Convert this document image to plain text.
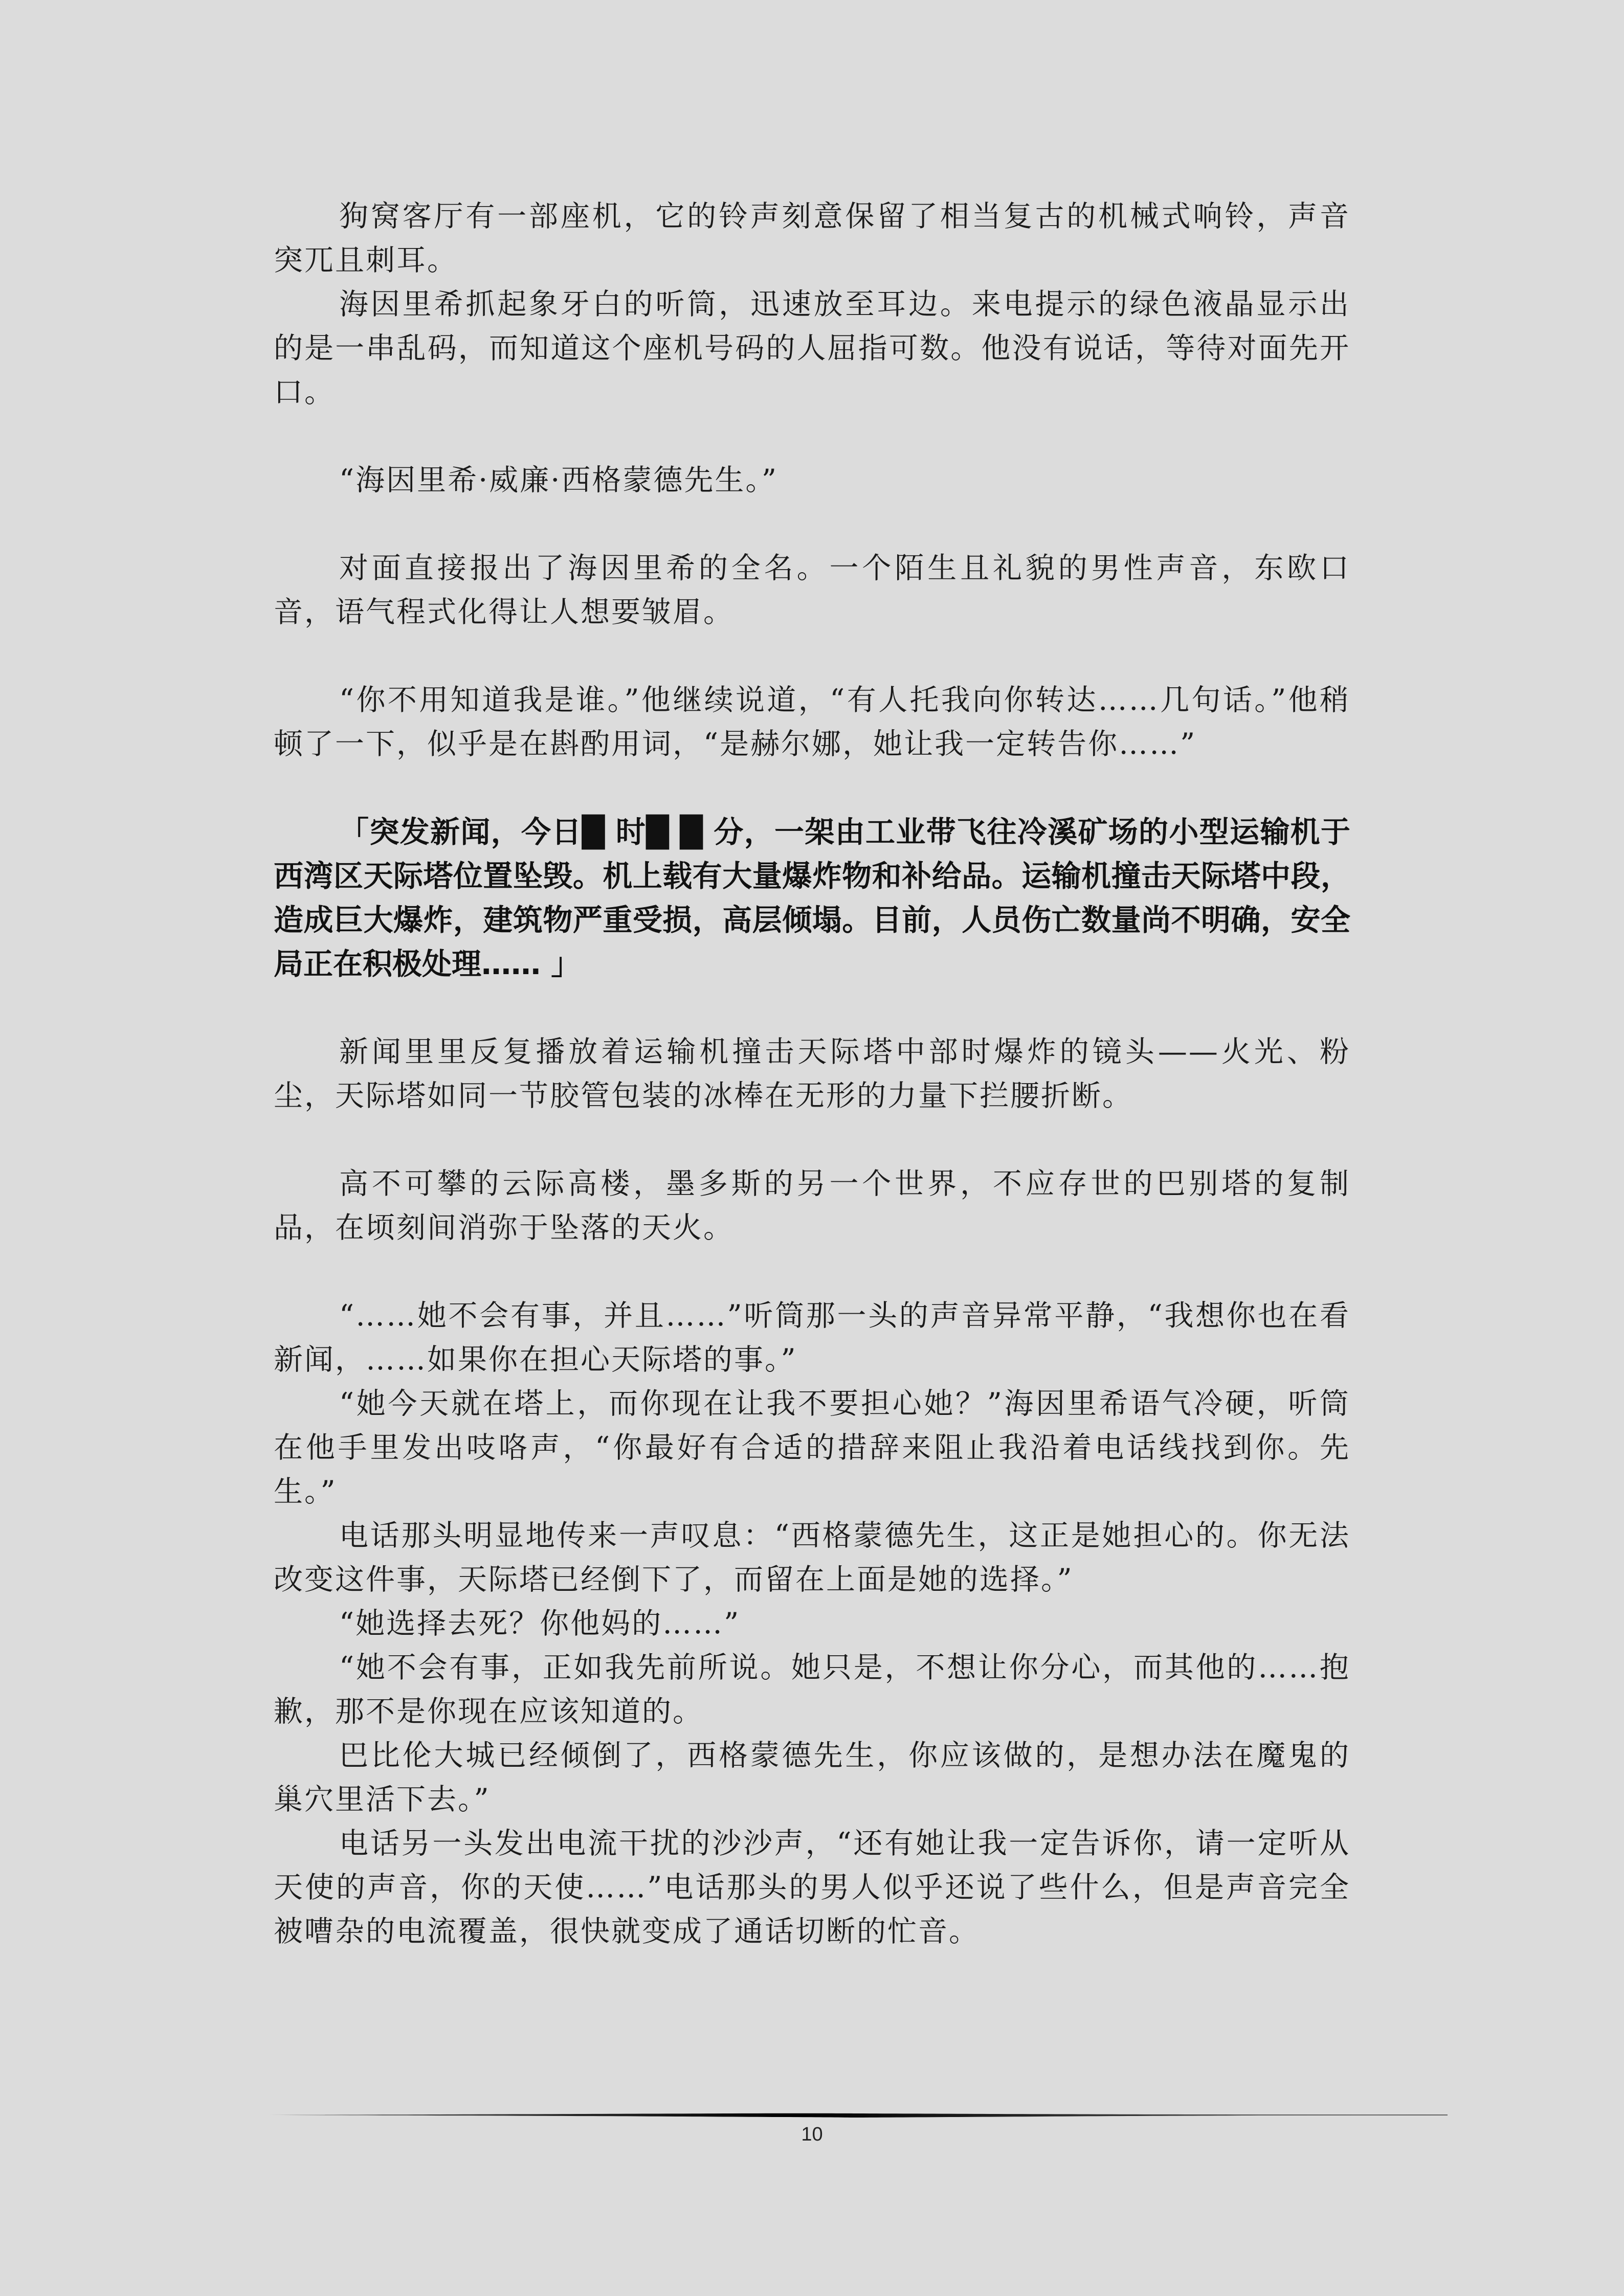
狗窝客厅有一部座机，它的铃声刻意保留了相当复古的机械式响铃，声音突兀且刺耳。

海因里希抓起象牙白的听筒，迅速放至耳边。来电提示的绿色液晶显示出的是一串乱码，而知道这个座机号码的人屈指可数。他没有说话，等待对面先开口。

“海因里希·威廉·西格蒙德先生。”

对面直接报出了海因里希的全名。一个陌生且礼貌的男性声音，东欧口音，语气程式化得让人想要皱眉。

“你不用知道我是谁。”他继续说道，“有人托我向你转达……几句话。”他稍顿了一下，似乎是在斟酌用词，“是赫尔娜，她让我一定转告你……”

「突发新闻，今日█ 时█ █ 分，一架由工业带飞往冷溪矿场的小型运输机于西湾区天际塔位置坠毁。机上载有大量爆炸物和补给品。运输机撞击天际塔中段，造成巨大爆炸，建筑物严重受损，高层倾塌。目前，人员伤亡数量尚不明确，安全局正在积极处理…… 」

新闻里里反复播放着运输机撞击天际塔中部时爆炸的镜头——火光、粉尘，天际塔如同一节胶管包装的冰棒在无形的力量下拦腰折断。

高不可攀的云际高楼，墨多斯的另一个世界，不应存世的巴别塔的复制品，在顷刻间消弥于坠落的天火。

“……她不会有事，并且……”听筒那一头的声音异常平静，“我想你也在看新闻，……如果你在担心天际塔的事。”

“她今天就在塔上，而你现在让我不要担心她？”海因里希语气冷硬，听筒在他手里发出吱咯声，“你最好有合适的措辞来阻止我沿着电话线找到你。先生。”

电话那头明显地传来一声叹息：“西格蒙德先生，这正是她担心的。你无法改变这件事，天际塔已经倒下了，而留在上面是她的选择。”

“她选择去死？你他妈的……”

“她不会有事，正如我先前所说。她只是，不想让你分心，而其他的……抱歉，那不是你现在应该知道的。

巴比伦大城已经倾倒了，西格蒙德先生，你应该做的，是想办法在魔鬼的巢穴里活下去。”

电话另一头发出电流干扰的沙沙声，“还有她让我一定告诉你，请一定听从天使的声音，你的天使……”电话那头的男人似乎还说了些什么，但是声音完全被嘈杂的电流覆盖，很快就变成了通话切断的忙音。

10
